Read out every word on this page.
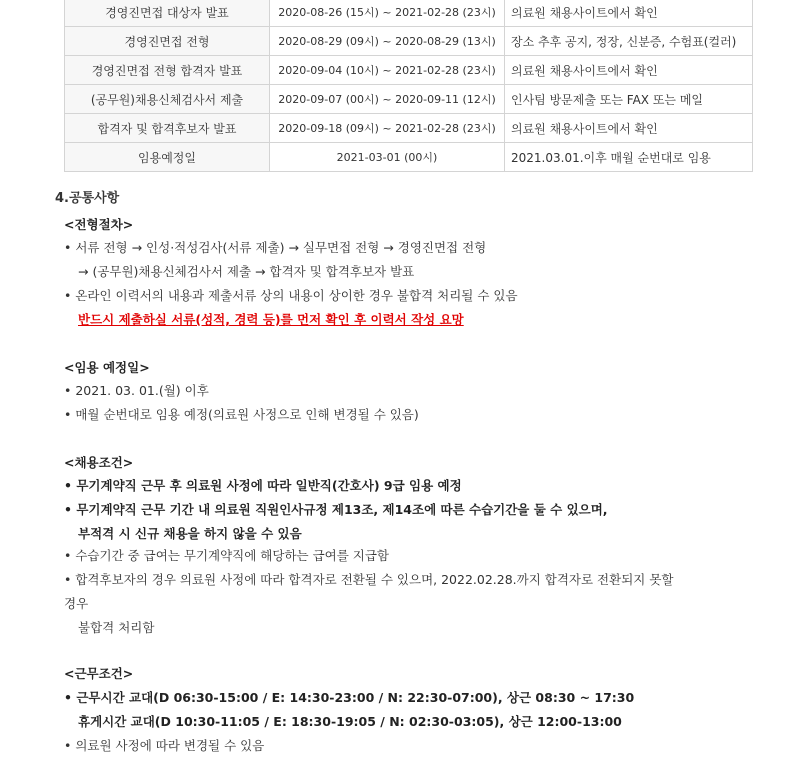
경영진면접 대상자 발표	2020-08-26 (15시) ~ 2021-02-28 (23시)	의료원 채용사이트에서 확인
경영진면접 전형	2020-08-29 (09시) ~ 2020-08-29 (13시)	장소 추후 공지, 정장, 신분증, 수험표(컬러)
경영진면접 전형 합격자 발표	2020-09-04 (10시) ~ 2021-02-28 (23시)	의료원 채용사이트에서 확인
(공무원)채용신체검사서 제출	2020-09-07 (00시) ~ 2020-09-11 (12시)	인사팀 방문제출 또는 FAX 또는 메일
합격자 및 합격후보자 발표	2020-09-18 (09시) ~ 2021-02-28 (23시)	의료원 채용사이트에서 확인
임용예정일	2021-03-01 (00시)	2021.03.01.이후 매월 순번대로 임용
4.공통사항
<전형절차>
• 서류 전형 → 인성·적성검사(서류 제출) → 실무면접 전형 → 경영진면접 전형
→ (공무원)채용신체검사서 제출 → 합격자 및 합격후보자 발표
• 온라인 이력서의 내용과 제출서류 상의 내용이 상이한 경우 불합격 처리될 수 있음
반드시 제출하실 서류(성적, 경력 등)를 먼저 확인 후 이력서 작성 요망
<임용 예정일>
• 2021. 03. 01.(월) 이후
• 매월 순번대로 임용 예정(의료원 사정으로 인해 변경될 수 있음)
<채용조건>
• 무기계약직 근무 후 의료원 사정에 따라 일반직(간호사) 9급 임용 예정
• 무기계약직 근무 기간 내 의료원 직원인사규정 제13조, 제14조에 따른 수습기간을 둘 수 있으며,
부적격 시 신규 채용을 하지 않을 수 있음
• 수습기간 중 급여는 무기계약직에 해당하는 급여를 지급함
• 합격후보자의 경우 의료원 사정에 따라 합격자로 전환될 수 있으며, 2022.02.28.까지 합격자로 전환되지 못할
경우
불합격 처리함
<근무조건>
• 근무시간 교대(D 06:30-15:00 / E: 14:30-23:00 / N: 22:30-07:00), 상근 08:30 ~ 17:30
휴게시간 교대(D 10:30-11:05 / E: 18:30-19:05 / N: 02:30-03:05), 상근 12:00-13:00
• 의료원 사정에 따라 변경될 수 있음
